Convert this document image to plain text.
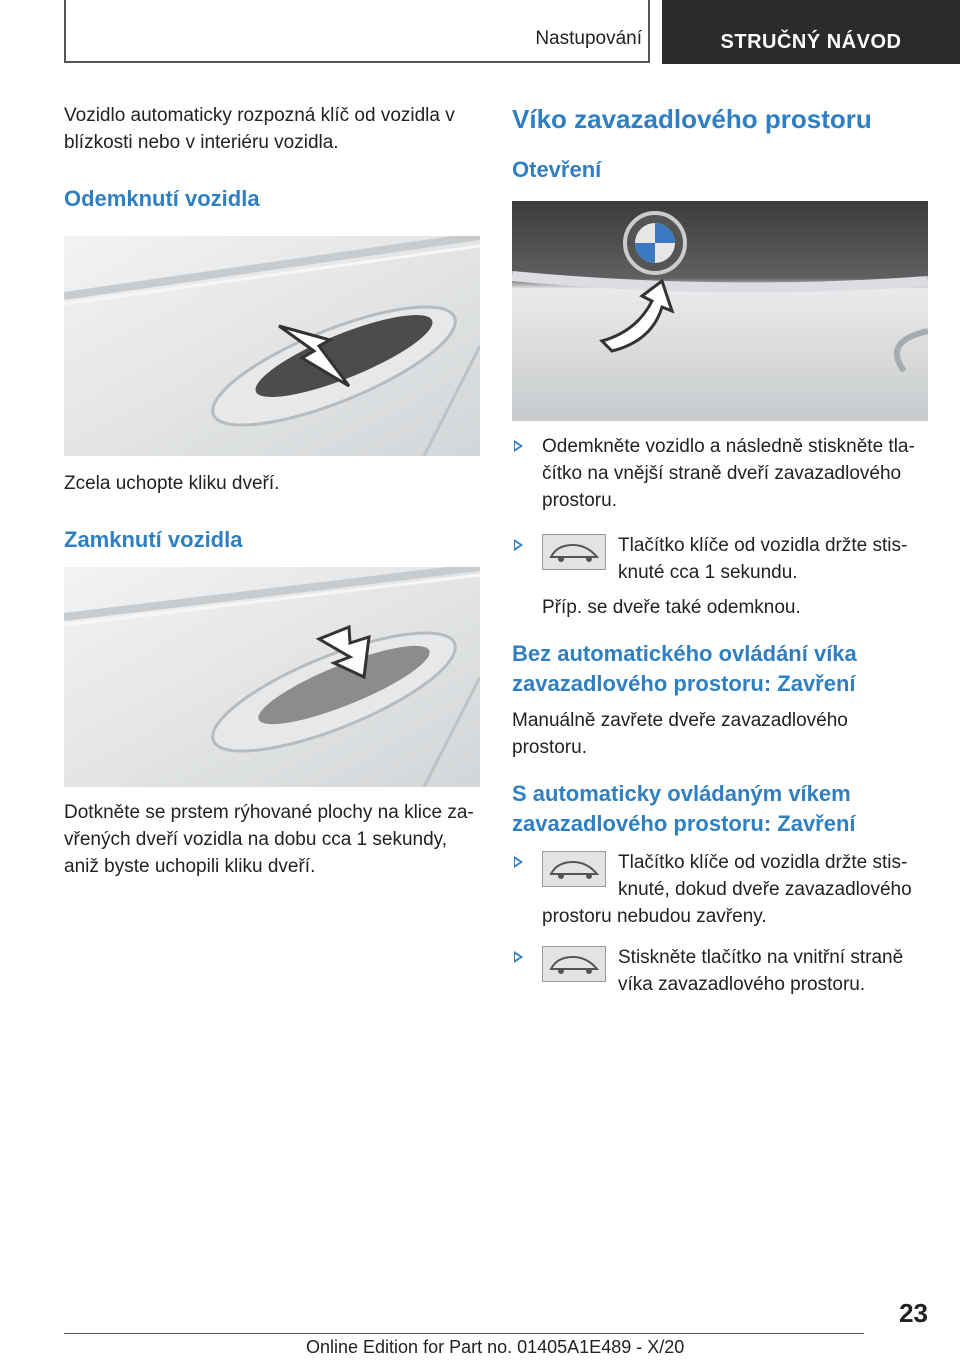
Nastupování	STRUČNÝ NÁVOD

Vozidlo automaticky rozpozná klíč od vozidla v blízkosti nebo v interiéru vozidla.

Odemknutí vozidla

Zcela uchopte kliku dveří.

Zamknutí vozidla

Dotkněte se prstem rýhované plochy na klice za-vřených dveří vozidla na dobu cca 1 sekundy, aniž byste uchopili kliku dveří.

Víko zavazadlového prostoru
Otevření

Odemkněte vozidlo a následně stiskněte tla-čítko na vnější straně dveří zavazadlového prostoru.

Tlačítko klíče od vozidla držte stis-knuté cca 1 sekundu.

Příp. se dveře také odemknou.

Bez automatického ovládání víka zavazadlového prostoru: Zavření

Manuálně zavřete dveře zavazadlového prostoru.

S automaticky ovládaným víkem zavazadlového prostoru: Zavření

Tlačítko klíče od vozidla držte stis-knuté, dokud dveře zavazadlového prostoru nebudou zavřeny.

Stiskněte tlačítko na vnitřní straně víka zavazadlového prostoru.

23
Online Edition for Part no. 01405A1E489 - X/20
